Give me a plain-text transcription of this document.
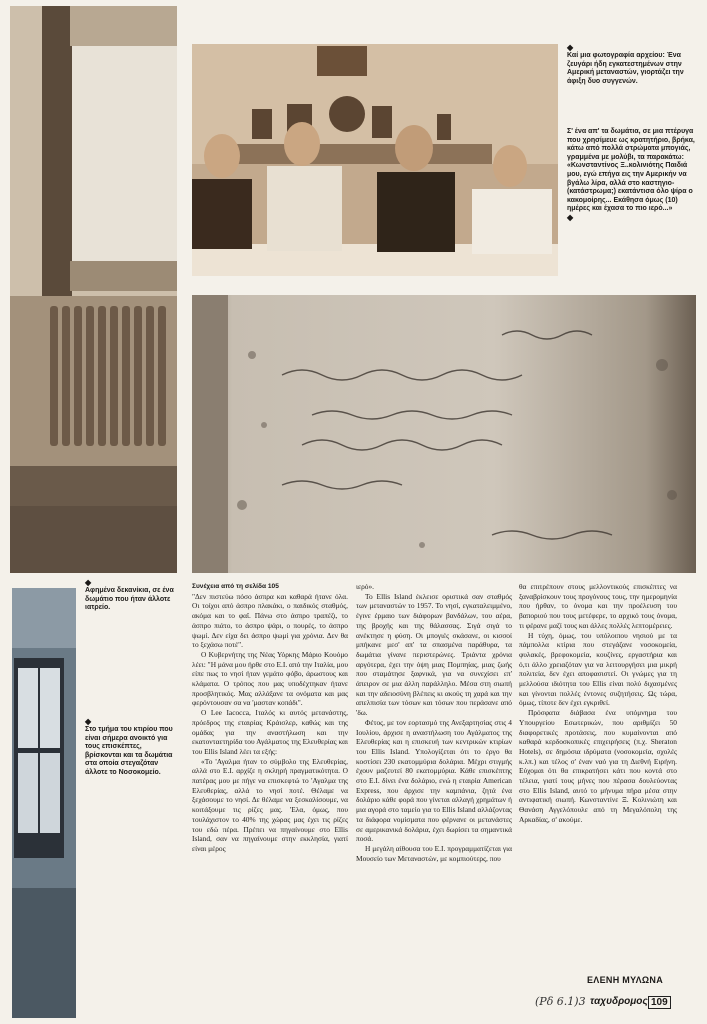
◆
Καί μια φωτογραφία αρχείου: Ένα ζευγάρι ήδη εγκατεστημένων στην Αμερική μεταναστών, γιορτάζει την άφιξη δυο συγγενών.
Σ' ένα απ' τα δωμάτια, σε μια πτέρυγα που χρησίμευε ως κρατητήριο, βρήκα, κάτω από πολλά στρώματα μπογιάς, γραμμένα με μολύβι, τα παρακάτω: «Κωνσταντίνος Ξ..κολινιότης Παιδιά μου, εγώ επήγα εις την Αμερικήν να βγάλω λίρα, αλλά στο καστηγιο- (κατάστρωμα;) εκατάντισα όλο ψίρα ο κακομοίρης... Εκάθησα όμως (10) ημέρες και έχασα το πιο ιερό...»
◆
◆
Αφημένα δεκανίκια, σε ένα δωμάτιο που ήταν άλλοτε ιατρείο.
◆
Στο τμήμα του κτιρίου που είναι σήμερα ανοικτό για τους επισκέπτες, βρίσκονται και τα δωμάτια στα οποία στεγαζόταν άλλοτε το Νοσοκομείο.
Συνέχεια από τη σελίδα 105

"Δεν πιστεύω πόσο άσπρα και καθαρά ήτανε όλα. Οι τοίχοι από άσπρο πλακάκι, ο παιδικός σταθμός, ακόμα και το φαΐ. Πάνω στο άσπρο τραπέζι, το άσπρο πιάτο, το άσπρο ψάρι, ο πουρές, το άσπρο ψωμί. Δεν είχα δει άσπρο ψωμί για χρόνια. Δεν θα το ξεχάσω ποτέ".

Ο Κυβερνήτης της Νέας Υόρκης Μάριο Κουόμο λέει: "Η μάνα μου ήρθε στο Ε.Ι. από την Ιταλία, μου είπε πως το νησί ήταν γεμάτο φόβο, άρωστους και κλάματα. Ο τρόπος που μας υποδέχτηκαν ήτανε προσβλητικός. Μας αλλάξανε τα ονόματα και μας φερόντουσαν σα να 'μασταν κοπάδι".

Ο Lee Iacocca, Ιταλός κι αυτός μετανάστης, πρόεδρος της εταιρίας Κράισλερ, καθώς και της ομάδας για την αναστήλωση και την εκατονταετηρίδα του Αγάλματος της Ελευθερίας και του Ellis Island λέει τα εξής:

«Το 'Αγαλμα ήταν το σύμβολο της Ελευθερίας, αλλά στο Ε.Ι. αρχίζε η σκληρή πραγματικότητα. Ο πατέρας μου με πήγε να επισκεφτώ το 'Αγαλμα της Ελευθερίας, αλλά το νησί ποτέ. Θέλαμε να ξεχάσουμε το νησί. Δε θέλαμε να ξεσκαλίσουμε, να κοιτάξουμε τις ρίζες μας. 'Ελα, όμως, που τουλάχιστον το 40% της χώρας μας έχει τις ρίζες του εδώ πέρα. Πρέπει να πηγαίνουμε στο Ellis Island, σαν να πηγαίνουμε στην εκκλησία, γιατί είναι μέρος

ιερό».

Το Ellis Island έκλεισε οριστικά σαν σταθμός των μεταναστών το 1957. Το νησί, εγκαταλειμμένο, έγινε έρμαιο των διάφορων βανδάλων, του αέρα, της βροχής και της θάλασσας. Σιγά σιγά το ανέκτησε η φύση. Οι μπογιές σκάσανε, οι κισσοί μπήκανε μεσ' απ' τα σπασμένα παράθυρα, τα δωμάτια γίνανε περιστερώνες. Τριάντα χρόνια αργότερα, έχει την όψη μιας Πομπηίας, μιας ζωής που σταμάτησε ξαφνικά, για να συνεχίσει επ' άπειρον σε μια άλλη παράλληλο. Μέσα στη σιωπή και την αδειοσύνη βλέπεις κι ακούς τη χαρά και την απελπισία των τόσων και τόσων που περάσανε από 'δω.

Φέτος, με τον εορτασμό της Ανεξαρτησίας στις 4 Ιουλίου, άρχισε η αναστήλωση του Αγάλματος της Ελευθερίας και η επισκευή των κεντρικών κτιρίων του Ellis Island. Υπολογίζεται ότι το έργο θα κοστίσει 230 εκατομμύρια δολάρια. Μέχρι στιγμής έχουν μαζευτεί 80 εκατομμύρια. Κάθε επισκέπτης στο Ε.Ι. δίνει ένα δολάριο, ενώ η εταιρία American Express, που άρχισε την καμπάνια, ζητά ένα δολάριο κάθε φορά που γίνεται αλλαγή χρημάτων ή μια αγορά στο ταμείο για το Ellis Island αλλάζοντας τα διάφορα νομίσματα που φέρνανε οι μετανάστες σε αμερικανικά δολάρια, έχει δωρίσει τα σημαντικά ποσά.

Η μεγάλη αίθουσα του Ε.Ι. προγραμματίζεται για Μουσείο των Μεταναστών, με κομπιούτερς, που

θα επιτρέπουν στους μελλοντικούς επισκέπτες να ξαναβρίσκουν τους προγόνους τους, την ημερομηνία που ήρθαν, το όνομα και την προέλευση του βαποριού που τους μετέφερε, το αρχικό τους όνομα, τι φέρανε μαζί τους και άλλες πολλές λεπτομέρειες.

Η τύχη, όμως, του υπόλοιπου νησιού με τα πάμπολλα κτίρια που στεγάζανε νοσοκομεία, φυλακές, βρεφοκομεία, κουζίνες, εργαστήρια και ό,τι άλλο χρειαζόταν για να λειτουργήσει μια μικρή πολιτεία, δεν έχει αποφασιστεί. Οι γνώμες για τη μελλούσα ιδιότητα του Ellis είναι πολύ διχασμένες και γίνονται πολλές έντονες συζητήσεις. Ως τώρα, όμως, τίποτε δεν έχει εγκριθεί.

Πρόσφατα διάβασα ένα υπόμνημα του Υπουργείου Εσωτερικών, που αριθμίζει 50 διαφορετικές προτάσεις, που κυμαίνονται από καθαρά κερδοσκοπικές επιχειρήσεις (π.χ. Sheraton Hotels), σε δημόσια ιδρύματα (νοσοκομεία, σχολές κ.λπ.) και τέλος σ' έναν ναό για τη Διεθνή Ειρήνη. Εύχομαι ότι θα επικρατήσει κάτι που κοντά στο τέλεια, γιατί τους μήνες που πέρασα δουλεύοντας στο Ellis Island, αυτό το μήνυμα πήρα μέσα στην αντιφατική σιωπή. Κωνσταντίνε Ξ. Κολινιώτη και Θανάση Αγγελόπουλε από τη Μεγαλόπολη της Αρκαδίας, σ' ακούμε.

ΕΛΕΝΗ ΜΥΛΩΝΑ
(Ρδ 6.1)3 ταχυδρομος 109
